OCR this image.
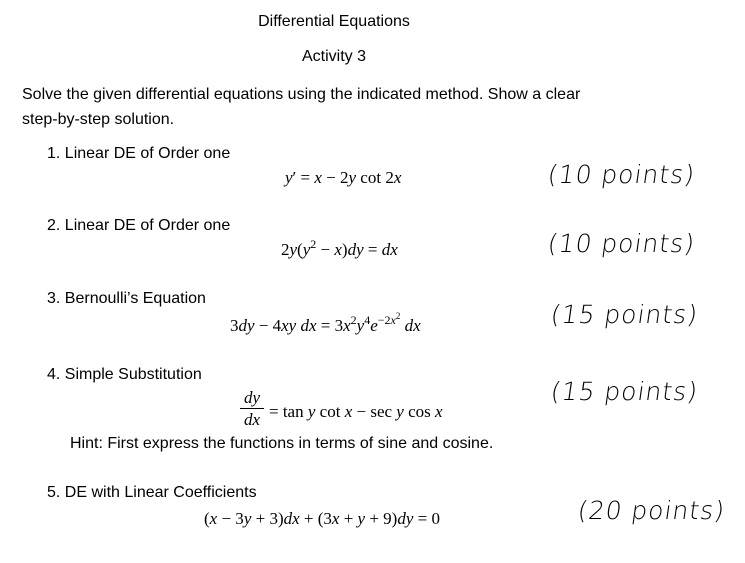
Differential Equations
Activity 3
Solve the given differential equations using the indicated method. Show a clear
step-by-step solution.
1. Linear DE of Order one
y′ = x − 2y cot 2x	(10 points)
2. Linear DE of Order one
$2y(y^2 - x)dy$ = dx	(10 points)
3. Bernoulli’s Equation
3dy − 4xy dx = $3x^2y^4e^{-2x^2}$ dx	(15 points)
4. Simple Substitution
dy
dx = tan y cot x − sec y cos x
Hint: First express the functions in terms of sine and cosine.
(15 points)
5. DE with Linear Coefficients
(x − 3y + 3)dx + (3x + y + 9)dy = 0	(20 points)
